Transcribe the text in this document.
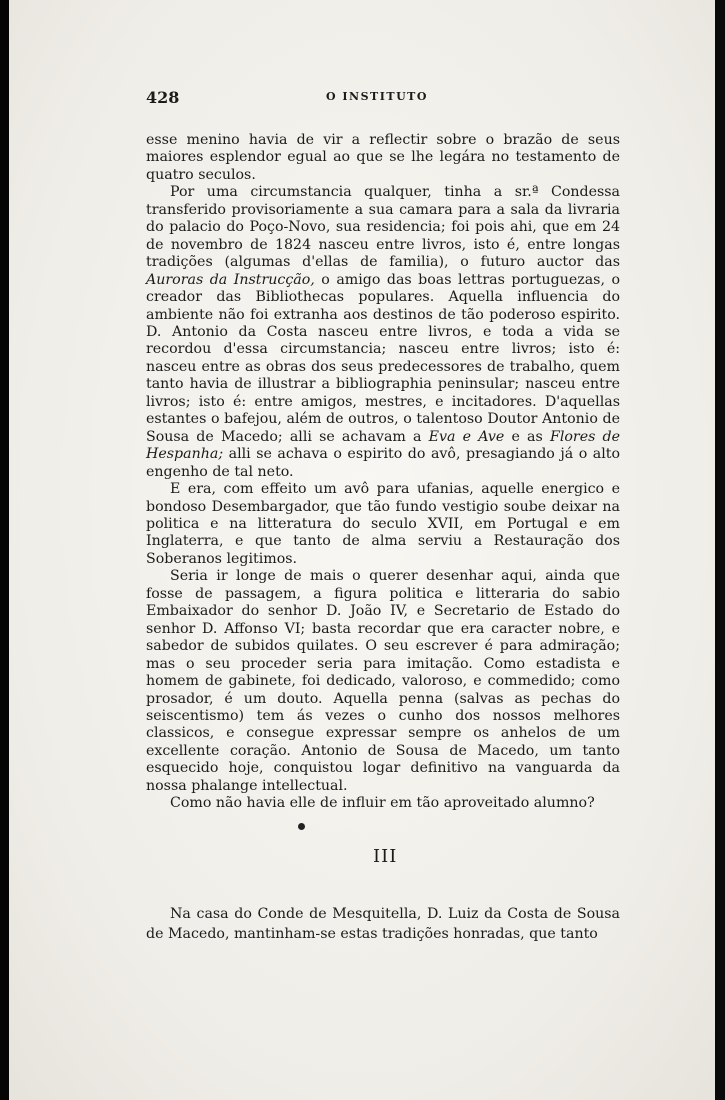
428	O INSTITUTO

esse menino havia de vir a reflectir sobre o brazão de seus maiores esplendor egual ao que se lhe legára no testamento de quatro seculos.

Por uma circumstancia qualquer, tinha a sr.ª Condessa transferido provisoriamente a sua camara para a sala da livraria do palacio do Poço-Novo, sua residencia; foi pois ahi, que em 24 de novembro de 1824 nasceu entre livros, isto é, entre longas tradições (algumas d'ellas de familia), o futuro auctor das Auroras da Instrucção, o amigo das boas lettras portuguezas, o creador das Bibliothecas populares. Aquella influencia do ambiente não foi extranha aos destinos de tão poderoso espirito. D. Antonio da Costa nasceu entre livros, e toda a vida se recordou d'essa circumstancia; nasceu entre livros; isto é: nasceu entre as obras dos seus predecessores de trabalho, quem tanto havia de illustrar a bibliographia peninsular; nasceu entre livros; isto é: entre amigos, mestres, e incitadores. D'aquellas estantes o bafejou, além de outros, o talentoso Doutor Antonio de Sousa de Macedo; alli se achavam a Eva e Ave e as Flores de Hespanha; alli se achava o espirito do avô, presagiando já o alto engenho de tal neto.

E era, com effeito um avô para ufanias, aquelle energico e bondoso Desembargador, que tão fundo vestigio soube deixar na politica e na litteratura do seculo XVII, em Portugal e em Inglaterra, e que tanto de alma serviu a Restauração dos Soberanos legitimos.

Seria ir longe de mais o querer desenhar aqui, ainda que fosse de passagem, a figura politica e litteraria do sabio Embaixador do senhor D. João IV, e Secretario de Estado do senhor D. Affonso VI; basta recordar que era caracter nobre, e sabedor de subidos quilates. O seu escrever é para admiração; mas o seu proceder seria para imitação. Como estadista e homem de gabinete, foi dedicado, valoroso, e commedido; como prosador, é um douto. Aquella penna (salvas as pechas do seiscentismo) tem ás vezes o cunho dos nossos melhores classicos, e consegue expressar sempre os anhelos de um excellente coração. Antonio de Sousa de Macedo, um tanto esquecido hoje, conquistou logar definitivo na vanguarda da nossa phalange intellectual.

Como não havia elle de influir em tão aproveitado alumno?

III

Na casa do Conde de Mesquitella, D. Luiz da Costa de Sousa de Macedo, mantinham-se estas tradições honradas, que tanto
